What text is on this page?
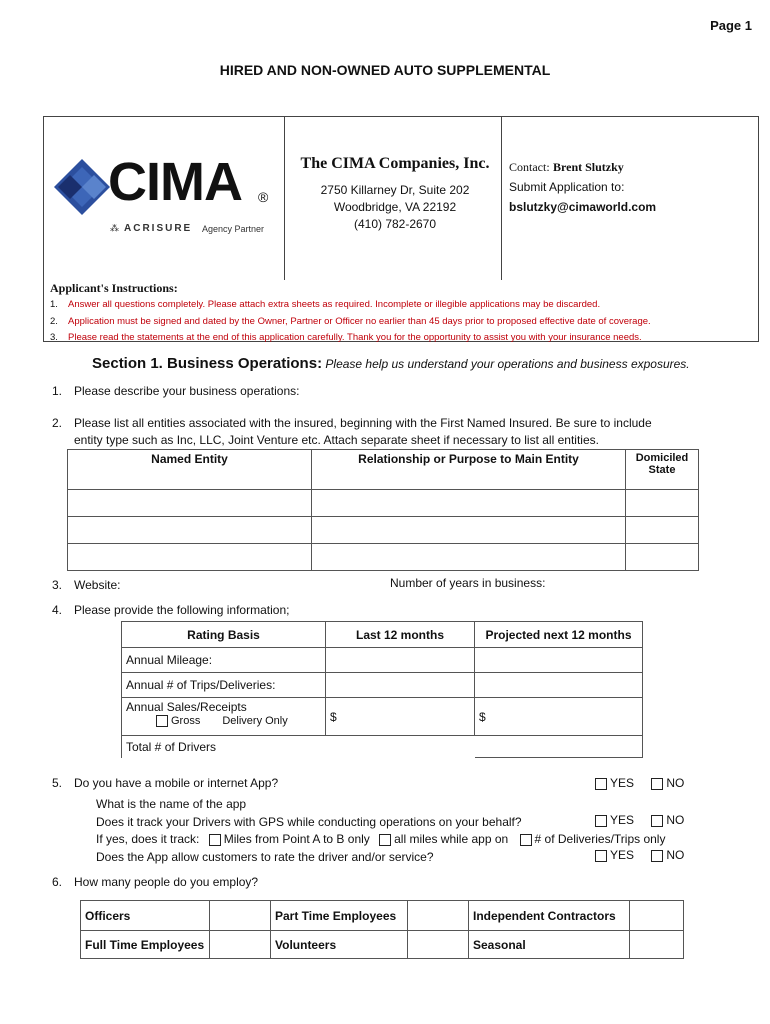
Page 1
HIRED AND NON-OWNED AUTO SUPPLEMENTAL
CIMA ®
⁂ ACRISURE Agency Partner
The CIMA Companies, Inc.
2750 Killarney Dr, Suite 202
Woodbridge, VA 22192
(410) 782-2670
Contact: Brent Slutzky
Submit Application to:
bslutzky@cimaworld.com
Applicant's Instructions:
1. Answer all questions completely. Please attach extra sheets as required. Incomplete or illegible applications may be discarded.
2. Application must be signed and dated by the Owner, Partner or Officer no earlier than 45 days prior to proposed effective date of coverage.
3. Please read the statements at the end of this application carefully. Thank you for the opportunity to assist you with your insurance needs.
Section 1. Business Operations: Please help us understand your operations and business exposures.
1. Please describe your business operations:
2. Please list all entities associated with the insured, beginning with the First Named Insured. Be sure to include
entity type such as Inc, LLC, Joint Venture etc. Attach separate sheet if necessary to list all entities.
Named Entity	Relationship or Purpose to Main Entity	Domiciled
State

3. Website:	Number of years in business:
4. Please provide the following information;
Rating Basis	Last 12 months	Projected next 12 months
Annual Mileage:		
Annual # of Trips/Deliveries:		

Annual Sales/Receipts
Gross Delivery Only	$	$
Total # of Drivers		
5. Do you have a mobile or internet App?
What is the name of the app
Does it track your Drivers with GPS while conducting operations on your behalf?
If yes, does it track: Miles from Point A to B only all miles while app on # of Deliveries/Trips only
Does the App allow customers to rate the driver and/or service?
YES	NO
YES	NO
YES	NO
6. How many people do you employ?
Officers		Part Time Employees		Independent Contractors	
Full Time Employees		Volunteers		Seasonal	
